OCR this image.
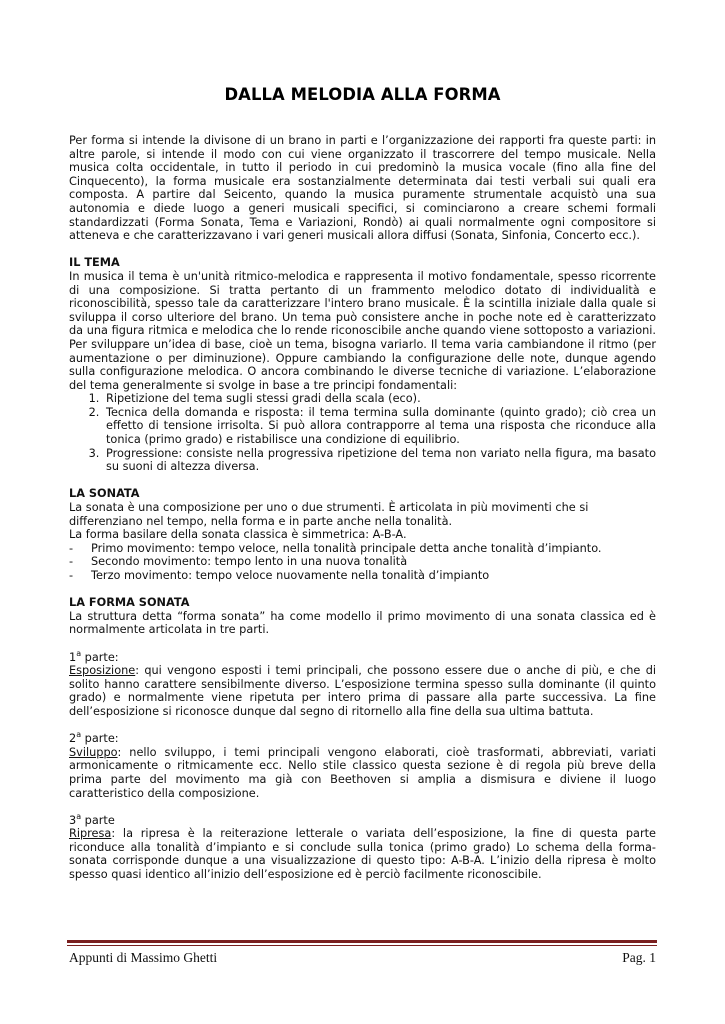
DALLA MELODIA ALLA FORMA

Per forma si intende la divisone di un brano in parti e l’organizzazione dei rapporti fra queste parti: in altre parole, si intende il modo con cui viene organizzato il trascorrere del tempo musicale. Nella musica colta occidentale, in tutto il periodo in cui predominò la musica vocale (fino alla fine del Cinquecento), la forma musicale era sostanzialmente determinata dai testi verbali sui quali era composta. A partire dal Seicento, quando la musica puramente strumentale acquistò una sua autonomia e diede luogo a generi musicali specifici, si cominciarono a creare schemi formali standardizzati (Forma Sonata, Tema e Variazioni, Rondò) ai quali normalmente ogni compositore si atteneva e che caratterizzavano i vari generi musicali allora diffusi (Sonata, Sinfonia, Concerto ecc.).

IL TEMA

In musica il tema è un'unità ritmico-melodica e rappresenta il motivo fondamentale, spesso ricorrente di una composizione. Si tratta pertanto di un frammento melodico dotato di individualità e riconoscibilità, spesso tale da caratterizzare l'intero brano musicale. È la scintilla iniziale dalla quale si sviluppa il corso ulteriore del brano. Un tema può consistere anche in poche note ed è caratterizzato da una figura ritmica e melodica che lo rende riconoscibile anche quando viene sottoposto a variazioni. Per sviluppare un’idea di base, cioè un tema, bisogna variarlo. Il tema varia cambiandone il ritmo (per aumentazione o per diminuzione). Oppure cambiando la configurazione delle note, dunque agendo sulla configurazione melodica. O ancora combinando le diverse tecniche di variazione. L’elaborazione del tema generalmente si svolge in base a tre principi fondamentali:

1. Ripetizione del tema sugli stessi gradi della scala (eco).
2. Tecnica della domanda e risposta: il tema termina sulla dominante (quinto grado); ciò crea un effetto di tensione irrisolta. Si può allora contrapporre al tema una risposta che riconduce alla tonica (primo grado) e ristabilisce una condizione di equilibrio.
3. Progressione: consiste nella progressiva ripetizione del tema non variato nella figura, ma basato su suoni di altezza diversa.
LA SONATA

La sonata è una composizione per uno o due strumenti. È articolata in più movimenti che si differenziano nel tempo, nella forma e in parte anche nella tonalità.

La forma basilare della sonata classica è simmetrica: A-B-A.

- Primo movimento: tempo veloce, nella tonalità principale detta anche tonalità d’impianto.
- Secondo movimento: tempo lento in una nuova tonalità
- Terzo movimento: tempo veloce nuovamente nella tonalità d’impianto
LA FORMA SONATA

La struttura detta “forma sonata” ha come modello il primo movimento di una sonata classica ed è normalmente articolata in tre parti.

1$^a$ parte:

Esposizione: qui vengono esposti i temi principali, che possono essere due o anche di più, e che di solito hanno carattere sensibilmente diverso. L’esposizione termina spesso sulla dominante (il quinto grado) e normalmente viene ripetuta per intero prima di passare alla parte successiva. La fine dell’esposizione si riconosce dunque dal segno di ritornello alla fine della sua ultima battuta.

2$^a$ parte:

Sviluppo: nello sviluppo, i temi principali vengono elaborati, cioè trasformati, abbreviati, variati armonicamente o ritmicamente ecc. Nello stile classico questa sezione è di regola più breve della prima parte del movimento ma già con Beethoven si amplia a dismisura e diviene il luogo caratteristico della composizione.

3$^a$ parte

Ripresa: la ripresa è la reiterazione letterale o variata dell’esposizione, la fine di questa parte riconduce alla tonalità d’impianto e si conclude sulla tonica (primo grado) Lo schema della forma-sonata corrisponde dunque a una visualizzazione di questo tipo: A-B-A. L’inizio della ripresa è molto spesso quasi identico all’inizio dell’esposizione ed è perciò facilmente riconoscibile.

Appunti di Massimo Ghetti	Pag. 1
